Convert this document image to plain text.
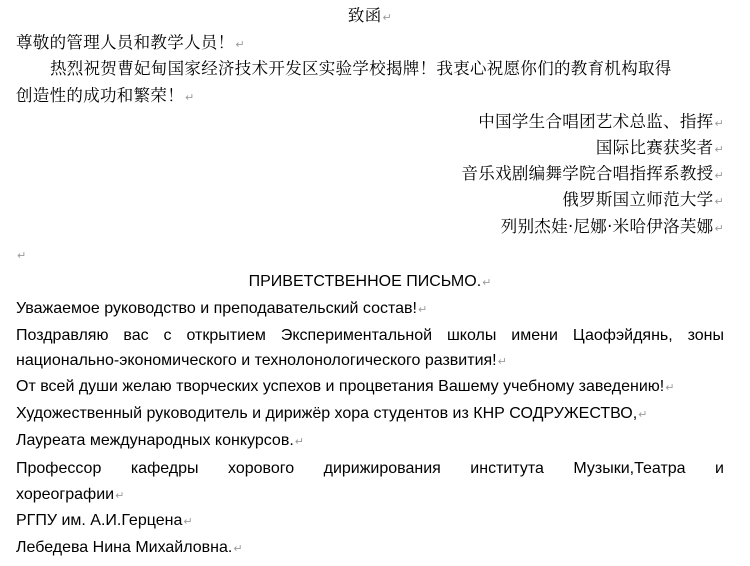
致函↵
尊敬的管理人员和教学人员！↵
热烈祝贺曹妃甸国家经济技术开发区实验学校揭牌！我衷心祝愿你们的教育机构取得
创造性的成功和繁荣！↵
中国学生合唱团艺术总监、指挥↵
国际比赛获奖者↵
音乐戏剧编舞学院合唱指挥系教授↵
俄罗斯国立师范大学↵
列别杰娃·尼娜·米哈伊洛芙娜↵
↵
ПРИВЕТСТВЕННОЕ ПИСЬМО.↵
Уважаемое руководство и преподавательский состав!↵
Поздравляю вас с открытием Экспериментальной школы имени Цаофэйдянь, зоны
национально-экономического и технолонологического развития!↵
От всей души желаю творческих успехов и процветания Вашему учебному заведению!↵
Художественный руководитель и дирижёр хора студентов из КНР СОДРУЖЕСТВО,↵
Лауреата международных конкурсов.↵
Профессор кафедры хорового дирижирования института Музыки,Театра и
хореографии↵
РГПУ им. А.И.Герцена↵
Лебедева Нина Михайловна.↵
